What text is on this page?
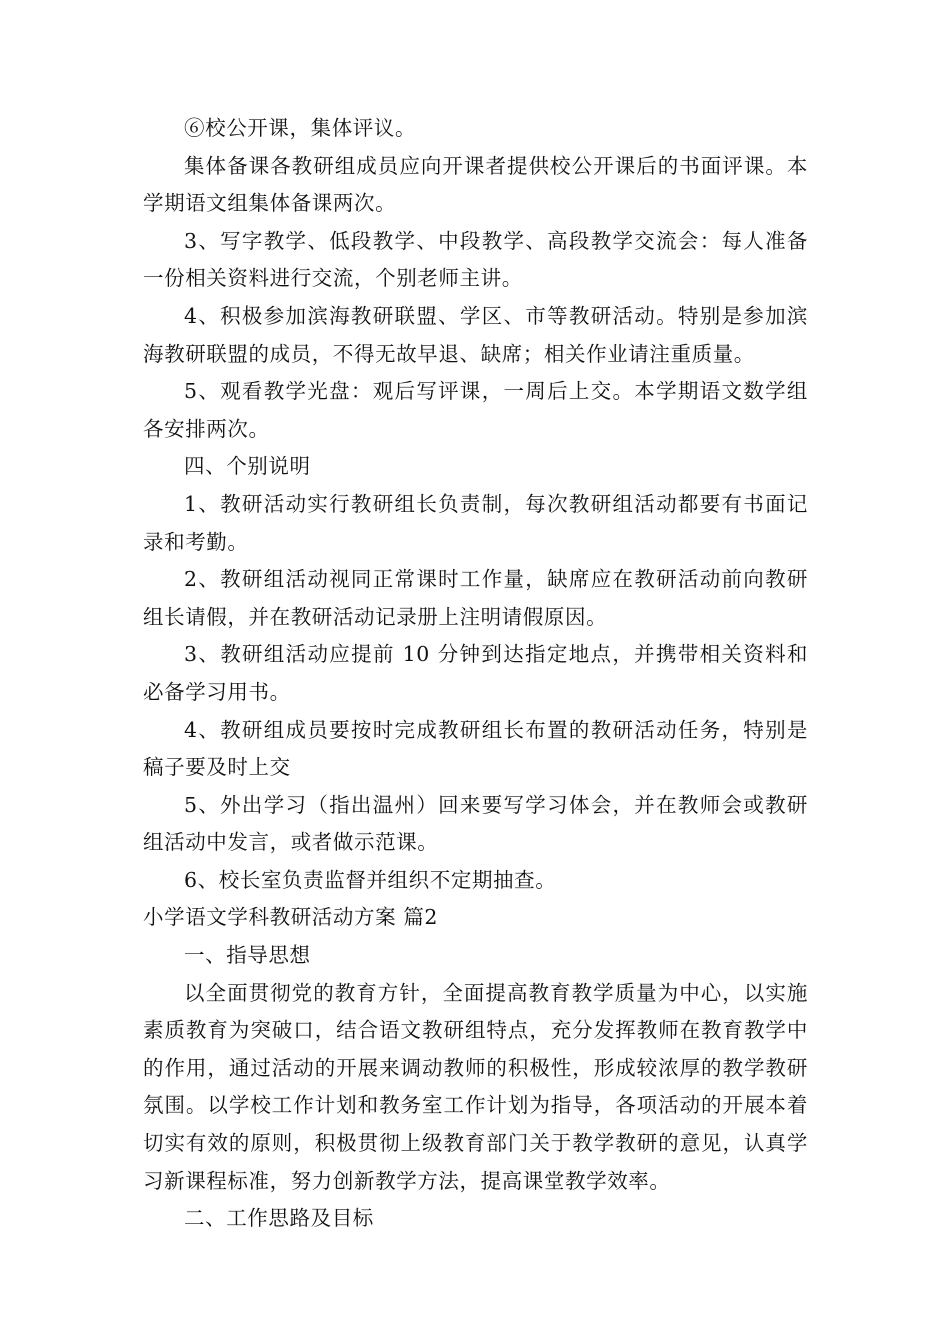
⑥校公开课，集体评议。

集体备课各教研组成员应向开课者提供校公开课后的书面评课。本学期语文组集体备课两次。

3、写字教学、低段教学、中段教学、高段教学交流会：每人准备一份相关资料进行交流，个别老师主讲。

4、积极参加滨海教研联盟、学区、市等教研活动。特别是参加滨海教研联盟的成员，不得无故早退、缺席；相关作业请注重质量。

5、观看教学光盘：观后写评课，一周后上交。本学期语文数学组各安排两次。

四、个别说明

1、教研活动实行教研组长负责制，每次教研组活动都要有书面记录和考勤。

2、教研组活动视同正常课时工作量，缺席应在教研活动前向教研组长请假，并在教研活动记录册上注明请假原因。

3、教研组活动应提前 10 分钟到达指定地点，并携带相关资料和必备学习用书。

4、教研组成员要按时完成教研组长布置的教研活动任务，特别是稿子要及时上交

5、外出学习（指出温州）回来要写学习体会，并在教师会或教研组活动中发言，或者做示范课。

6、校长室负责监督并组织不定期抽查。

小学语文学科教研活动方案 篇2

一、指导思想

以全面贯彻党的教育方针，全面提高教育教学质量为中心，以实施素质教育为突破口，结合语文教研组特点，充分发挥教师在教育教学中的作用，通过活动的开展来调动教师的积极性，形成较浓厚的教学教研氛围。以学校工作计划和教务室工作计划为指导，各项活动的开展本着切实有效的原则，积极贯彻上级教育部门关于教学教研的意见，认真学习新课程标准，努力创新教学方法，提高课堂教学效率。

二、工作思路及目标
